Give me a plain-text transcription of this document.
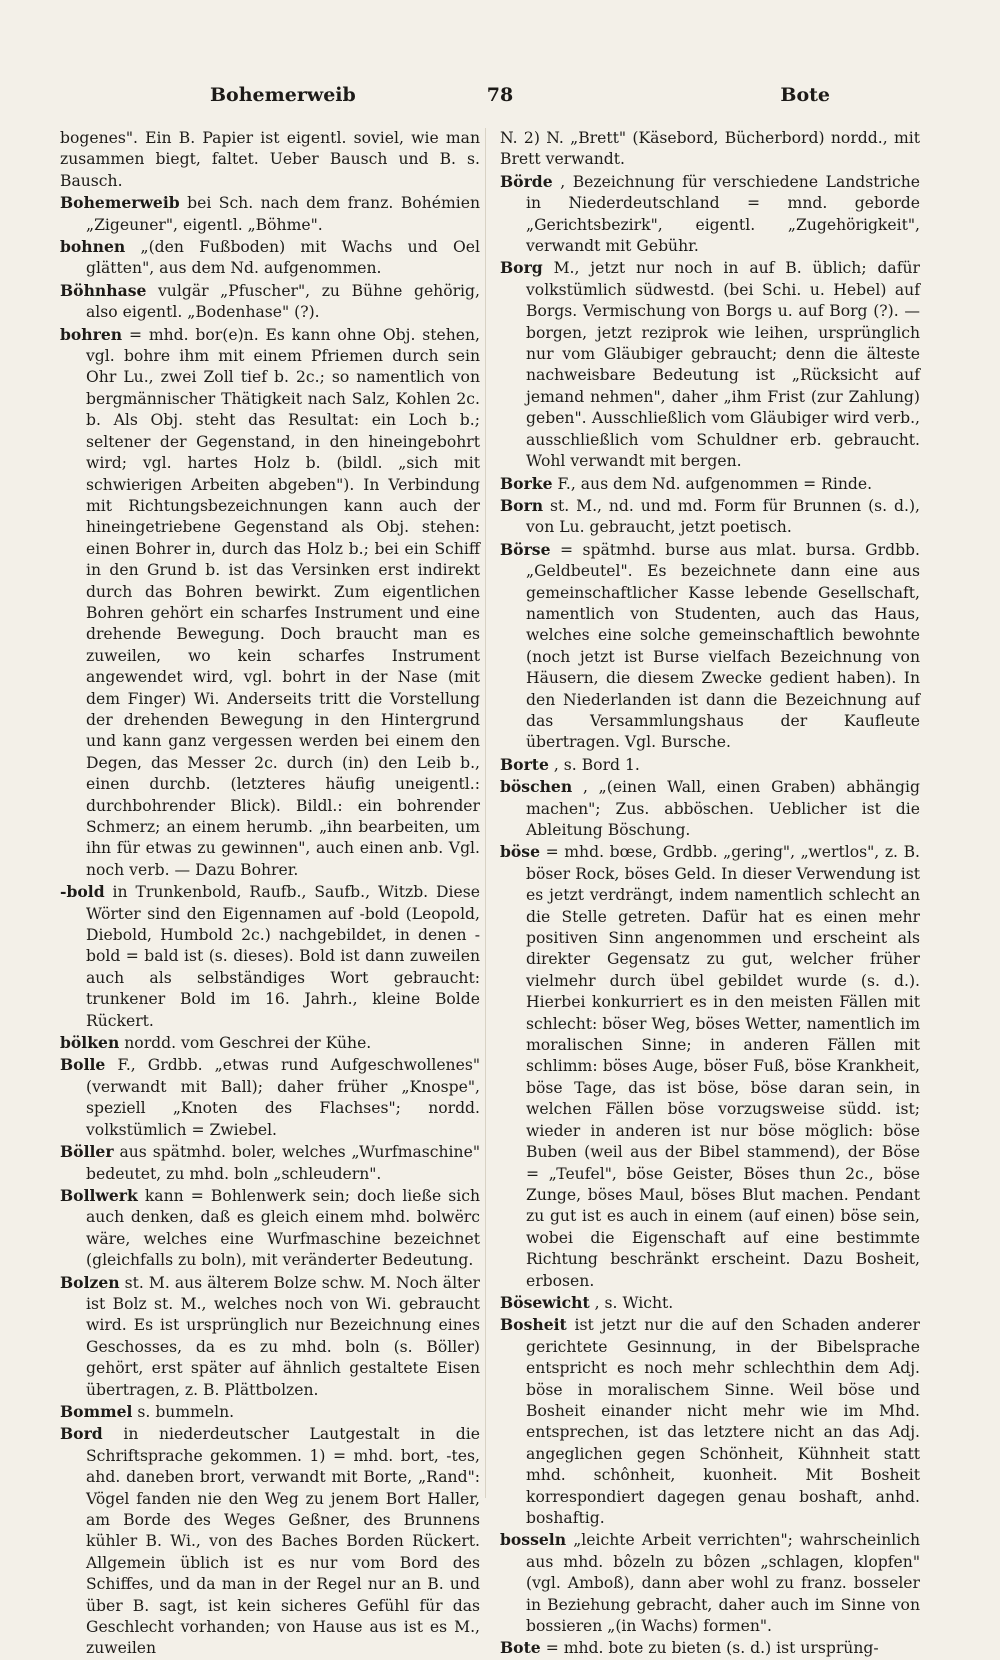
Bohemerweib	78	Bote

bogenes". Ein B. Papier ist eigentl. soviel, wie man zusammen biegt, faltet. Ueber Bausch und B. s. Bausch.

Bohemerweib bei Sch. nach dem franz. Bohémien „Zigeuner", eigentl. „Böhme".

bohnen „(den Fußboden) mit Wachs und Oel glätten", aus dem Nd. aufgenommen.

Böhnhase vulgär „Pfuscher", zu Bühne gehörig, also eigentl. „Bodenhase" (?).

bohren = mhd. bor(e)n. Es kann ohne Obj. stehen, vgl. bohre ihm mit einem Pfriemen durch sein Ohr Lu., zwei Zoll tief b. 2c.; so namentlich von bergmännischer Thätigkeit nach Salz, Kohlen 2c. b. Als Obj. steht das Resultat: ein Loch b.; seltener der Gegenstand, in den hineingebohrt wird; vgl. hartes Holz b. (bildl. „sich mit schwierigen Arbeiten abgeben"). In Verbindung mit Richtungsbezeichnungen kann auch der hineingetriebene Gegenstand als Obj. stehen: einen Bohrer in, durch das Holz b.; bei ein Schiff in den Grund b. ist das Versinken erst indirekt durch das Bohren bewirkt. Zum eigentlichen Bohren gehört ein scharfes Instrument und eine drehende Bewegung. Doch braucht man es zuweilen, wo kein scharfes Instrument angewendet wird, vgl. bohrt in der Nase (mit dem Finger) Wi. Anderseits tritt die Vorstellung der drehenden Bewegung in den Hintergrund und kann ganz vergessen werden bei einem den Degen, das Messer 2c. durch (in) den Leib b., einen durchb. (letzteres häufig uneigentl.: durchbohrender Blick). Bildl.: ein bohrender Schmerz; an einem herumb. „ihn bearbeiten, um ihn für etwas zu gewinnen", auch einen anb. Vgl. noch verb. — Dazu Bohrer.

-bold in Trunkenbold, Raufb., Saufb., Witzb. Diese Wörter sind den Eigennamen auf -bold (Leopold, Diebold, Humbold 2c.) nachgebildet, in denen -bold = bald ist (s. dieses). Bold ist dann zuweilen auch als selbständiges Wort gebraucht: trunkener Bold im 16. Jahrh., kleine Bolde Rückert.

bölken nordd. vom Geschrei der Kühe.

Bolle F., Grdbb. „etwas rund Aufgeschwollenes" (verwandt mit Ball); daher früher „Knospe", speziell „Knoten des Flachses"; nordd. volkstümlich = Zwiebel.

Böller aus spätmhd. boler, welches „Wurfmaschine" bedeutet, zu mhd. boln „schleudern".

Bollwerk kann = Bohlenwerk sein; doch ließe sich auch denken, daß es gleich einem mhd. bolwërc wäre, welches eine Wurfmaschine bezeichnet (gleichfalls zu boln), mit veränderter Bedeutung.

Bolzen st. M. aus älterem Bolze schw. M. Noch älter ist Bolz st. M., welches noch von Wi. gebraucht wird. Es ist ursprünglich nur Bezeichnung eines Geschosses, da es zu mhd. boln (s. Böller) gehört, erst später auf ähnlich gestaltete Eisen übertragen, z. B. Plättbolzen.

Bommel s. bummeln.

Bord in niederdeutscher Lautgestalt in die Schriftsprache gekommen. 1) = mhd. bort, -tes, ahd. daneben brort, verwandt mit Borte, „Rand": Vögel fanden nie den Weg zu jenem Bort Haller, am Borde des Weges Geßner, des Brunnens kühler B. Wi., von des Baches Borden Rückert. Allgemein üblich ist es nur vom Bord des Schiffes, und da man in der Regel nur an B. und über B. sagt, ist kein sicheres Gefühl für das Geschlecht vorhanden; von Hause aus ist es M., zuweilen

N. 2) N. „Brett" (Käsebord, Bücherbord) nordd., mit Brett verwandt.

Börde , Bezeichnung für verschiedene Landstriche in Niederdeutschland = mnd. geborde „Gerichtsbezirk", eigentl. „Zugehörigkeit", verwandt mit Gebühr.

Borg M., jetzt nur noch in auf B. üblich; dafür volkstümlich südwestd. (bei Schi. u. Hebel) auf Borgs. Vermischung von Borgs u. auf Borg (?). — borgen, jetzt reziprok wie leihen, ursprünglich nur vom Gläubiger gebraucht; denn die älteste nachweisbare Bedeutung ist „Rücksicht auf jemand nehmen", daher „ihm Frist (zur Zahlung) geben". Ausschließlich vom Gläubiger wird verb., ausschließlich vom Schuldner erb. gebraucht. Wohl verwandt mit bergen.

Borke F., aus dem Nd. aufgenommen = Rinde.

Born st. M., nd. und md. Form für Brunnen (s. d.), von Lu. gebraucht, jetzt poetisch.

Börse = spätmhd. burse aus mlat. bursa. Grdbb. „Geldbeutel". Es bezeichnete dann eine aus gemeinschaftlicher Kasse lebende Gesellschaft, namentlich von Studenten, auch das Haus, welches eine solche gemeinschaftlich bewohnte (noch jetzt ist Burse vielfach Bezeichnung von Häusern, die diesem Zwecke gedient haben). In den Niederlanden ist dann die Bezeichnung auf das Versammlungshaus der Kaufleute übertragen. Vgl. Bursche.

Borte , s. Bord 1.

böschen , „(einen Wall, einen Graben) abhängig machen"; Zus. abböschen. Ueblicher ist die Ableitung Böschung.

böse = mhd. bœse, Grdbb. „gering", „wertlos", z. B. böser Rock, böses Geld. In dieser Verwendung ist es jetzt verdrängt, indem namentlich schlecht an die Stelle getreten. Dafür hat es einen mehr positiven Sinn angenommen und erscheint als direkter Gegensatz zu gut, welcher früher vielmehr durch übel gebildet wurde (s. d.). Hierbei konkurriert es in den meisten Fällen mit schlecht: böser Weg, böses Wetter, namentlich im moralischen Sinne; in anderen Fällen mit schlimm: böses Auge, böser Fuß, böse Krankheit, böse Tage, das ist böse, böse daran sein, in welchen Fällen böse vorzugsweise südd. ist; wieder in anderen ist nur böse möglich: böse Buben (weil aus der Bibel stammend), der Böse = „Teufel", böse Geister, Böses thun 2c., böse Zunge, böses Maul, böses Blut machen. Pendant zu gut ist es auch in einem (auf einen) böse sein, wobei die Eigenschaft auf eine bestimmte Richtung beschränkt erscheint. Dazu Bosheit, erbosen.

Bösewicht , s. Wicht.

Bosheit ist jetzt nur die auf den Schaden anderer gerichtete Gesinnung, in der Bibelsprache entspricht es noch mehr schlechthin dem Adj. böse in moralischem Sinne. Weil böse und Bosheit einander nicht mehr wie im Mhd. entsprechen, ist das letztere nicht an das Adj. angeglichen gegen Schönheit, Kühnheit statt mhd. schônheit, kuonheit. Mit Bosheit korrespondiert dagegen genau boshaft, anhd. boshaftig.

bosseln „leichte Arbeit verrichten"; wahrscheinlich aus mhd. bôzeln zu bôzen „schlagen, klopfen" (vgl. Amboß), dann aber wohl zu franz. bosseler in Beziehung gebracht, daher auch im Sinne von bossieren „(in Wachs) formen".

Bote = mhd. bote zu bieten (s. d.) ist ursprüng-
